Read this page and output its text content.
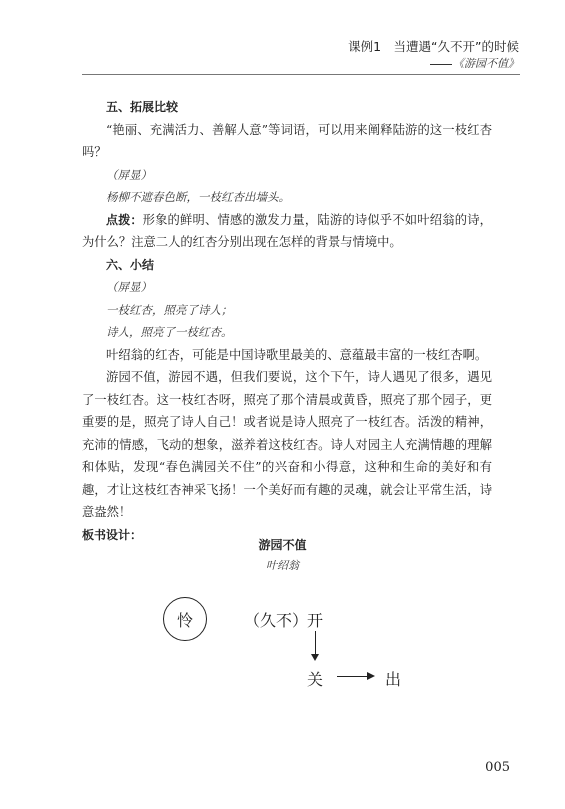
课例1　当遭遇“久不开”的时候
《游园不值》

五、拓展比较

“艳丽、充满活力、善解人意”等词语，可以用来阐释陆游的这一枝红杏吗？

（屏显）

杨柳不遮春色断，一枝红杏出墙头。

点拨：形象的鲜明、情感的激发力量，陆游的诗似乎不如叶绍翁的诗，为什么？注意二人的红杏分别出现在怎样的背景与情境中。

六、小结

（屏显）

一枝红杏，照亮了诗人；

诗人，照亮了一枝红杏。

叶绍翁的红杏，可能是中国诗歌里最美的、意蕴最丰富的一枝红杏啊。

游园不值，游园不遇，但我们要说，这个下午，诗人遇见了很多，遇见了一枝红杏。这一枝红杏呀，照亮了那个清晨或黄昏，照亮了那个园子，更重要的是，照亮了诗人自己！或者说是诗人照亮了一枝红杏。活泼的精神，充沛的情感，飞动的想象，滋养着这枝红杏。诗人对园主人充满情趣的理解和体贴，发现“春色满园关不住”的兴奋和小得意，这种和生命的美好和有趣，才让这枝红杏神采飞扬！一个美好而有趣的灵魂，就会让平常生活，诗意盎然！

板书设计：

游园不值
叶绍翁
怜	（久不）
开
关	出
005
